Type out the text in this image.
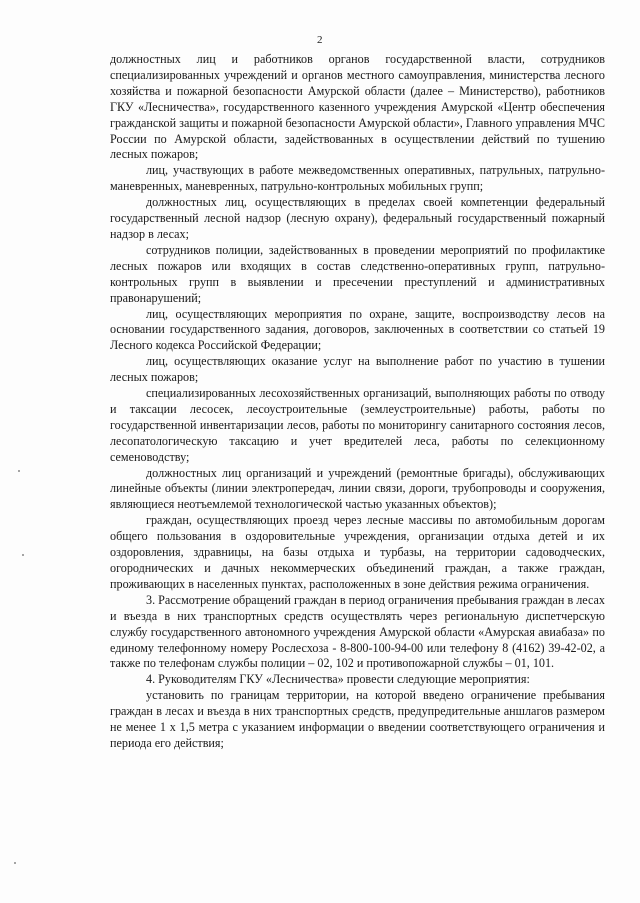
2

должностных лиц и работников органов государственной власти, сотрудников специализированных учреждений и органов местного самоуправления, министерства лесного хозяйства и пожарной безопасности Амурской области (далее – Министерство), работников ГКУ «Лесничества», государственного казенного учреждения Амурской «Центр обеспечения гражданской защиты и пожарной безопасности Амурской области», Главного управления МЧС России по Амурской области, задействованных в осуществлении действий по тушению лесных пожаров;

лиц, участвующих в работе межведомственных оперативных, патрульных, патрульно-маневренных, маневренных, патрульно-контрольных мобильных групп;

должностных лиц, осуществляющих в пределах своей компетенции федеральный государственный лесной надзор (лесную охрану), федеральный государственный пожарный надзор в лесах;

сотрудников полиции, задействованных в проведении мероприятий по профилактике лесных пожаров или входящих в состав следственно-оперативных групп, патрульно-контрольных групп в выявлении и пресечении преступлений и административных правонарушений;

лиц, осуществляющих мероприятия по охране, защите, воспроизводству лесов на основании государственного задания, договоров, заключенных в соответствии со статьей 19 Лесного кодекса Российской Федерации;

лиц, осуществляющих оказание услуг на выполнение работ по участию в тушении лесных пожаров;

специализированных лесохозяйственных организаций, выполняющих работы по отводу и таксации лесосек, лесоустроительные (землеустроительные) работы, работы по государственной инвентаризации лесов, работы по мониторингу санитарного состояния лесов, лесопатологическую таксацию и учет вредителей леса, работы по селекционному семеноводству;

должностных лиц организаций и учреждений (ремонтные бригады), обслуживающих линейные объекты (линии электропередач, линии связи, дороги, трубопроводы и сооружения, являющиеся неотъемлемой технологической частью указанных объектов);

граждан, осуществляющих проезд через лесные массивы по автомобильным дорогам общего пользования в оздоровительные учреждения, организации отдыха детей и их оздоровления, здравницы, на базы отдыха и турбазы, на территории садоводческих, огороднических и дачных некоммерческих объединений граждан, а также граждан, проживающих в населенных пунктах, расположенных в зоне действия режима ограничения.

3. Рассмотрение обращений граждан в период ограничения пребывания граждан в лесах и въезда в них транспортных средств осуществлять через региональную диспетчерскую службу государственного автономного учреждения Амурской области «Амурская авиабаза» по единому телефонному номеру Рослесхоза - 8-800-100-94-00 или телефону 8 (4162) 39-42-02, а также по телефонам службы полиции – 02, 102 и противопожарной службы – 01, 101.

4. Руководителям ГКУ «Лесничества» провести следующие мероприятия:

установить по границам территории, на которой введено ограничение пребывания граждан в лесах и въезда в них транспортных средств, предупредительные аншлагов размером не менее 1 х 1,5 метра с указанием информации о введении соответствующего ограничения и периода его действия;
